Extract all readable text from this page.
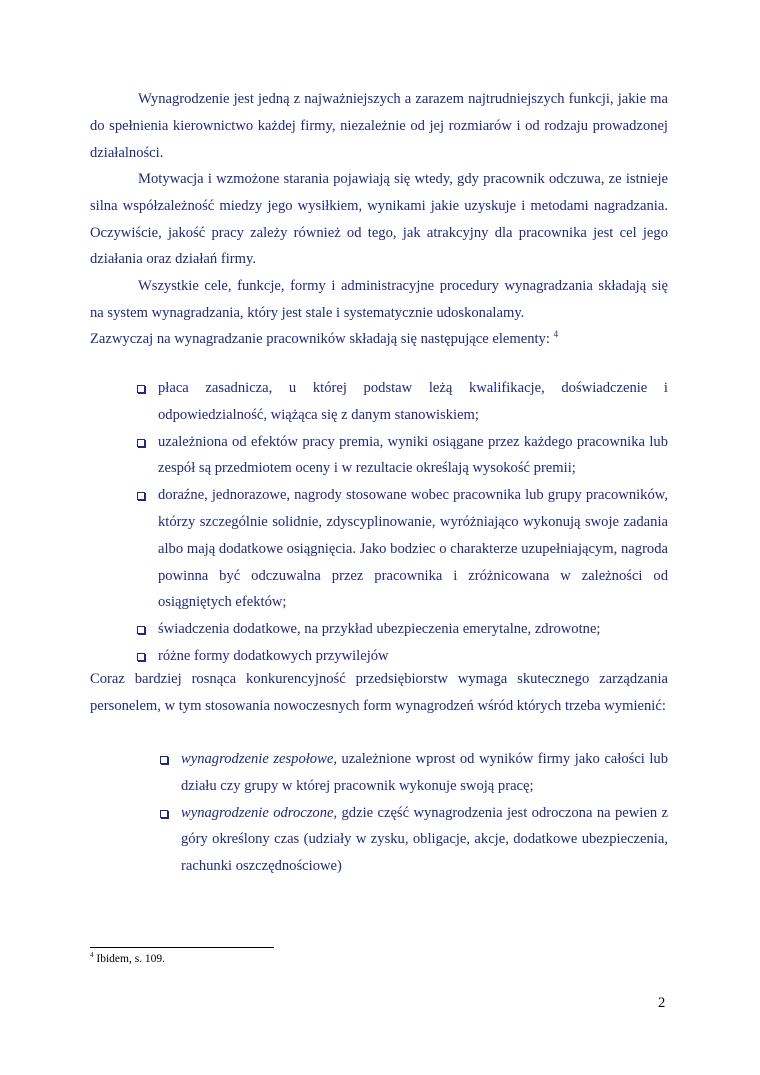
Wynagrodzenie jest jedną z najważniejszych a zarazem najtrudniejszych funkcji, jakie ma do spełnienia kierownictwo każdej firmy, niezależnie od jej rozmiarów i od rodzaju prowadzonej działalności.

Motywacja i wzmożone starania pojawiają się wtedy, gdy pracownik odczuwa, ze istnieje silna współzależność miedzy jego wysiłkiem, wynikami jakie uzyskuje i metodami nagradzania. Oczywiście, jakość pracy zależy również od tego, jak atrakcyjny dla pracownika jest cel jego działania oraz działań firmy.

Wszystkie cele, funkcje, formy i administracyjne procedury wynagradzania składają się na system wynagradzania, który jest stale i systematycznie udoskonalamy.

Zazwyczaj na wynagradzanie pracowników składają się następujące elementy: $^4$

płaca zasadnicza, u której podstaw leżą kwalifikacje, doświadczenie i odpowiedzialność, wiążąca się z danym stanowiskiem;
uzależniona od efektów pracy premia, wyniki osiągane przez każdego pracownika lub zespół są przedmiotem oceny i w rezultacie określają wysokość premii;
doraźne, jednorazowe, nagrody stosowane wobec pracownika lub grupy pracowników, którzy szczególnie solidnie, zdyscyplinowanie, wyróżniająco wykonują swoje zadania albo mają dodatkowe osiągnięcia. Jako bodziec o charakterze uzupełniającym, nagroda powinna być odczuwalna przez pracownika i zróżnicowana w zależności od osiągniętych efektów;
świadczenia dodatkowe, na przykład ubezpieczenia emerytalne, zdrowotne;
różne formy dodatkowych przywilejów

Coraz bardziej rosnąca konkurencyjność przedsiębiorstw wymaga skutecznego zarządzania personelem, w tym stosowania nowoczesnych form wynagrodzeń wśród których trzeba wymienić:

wynagrodzenie zespołowe, uzależnione wprost od wyników firmy jako całości lub działu czy grupy w której pracownik wykonuje swoją pracę;
wynagrodzenie odroczone, gdzie część wynagrodzenia jest odroczona na pewien z góry określony czas (udziały w zysku, obligacje, akcje, dodatkowe ubezpieczenia, rachunki oszczędnościowe)
$^4$ Ibidem, s. 109.
2
